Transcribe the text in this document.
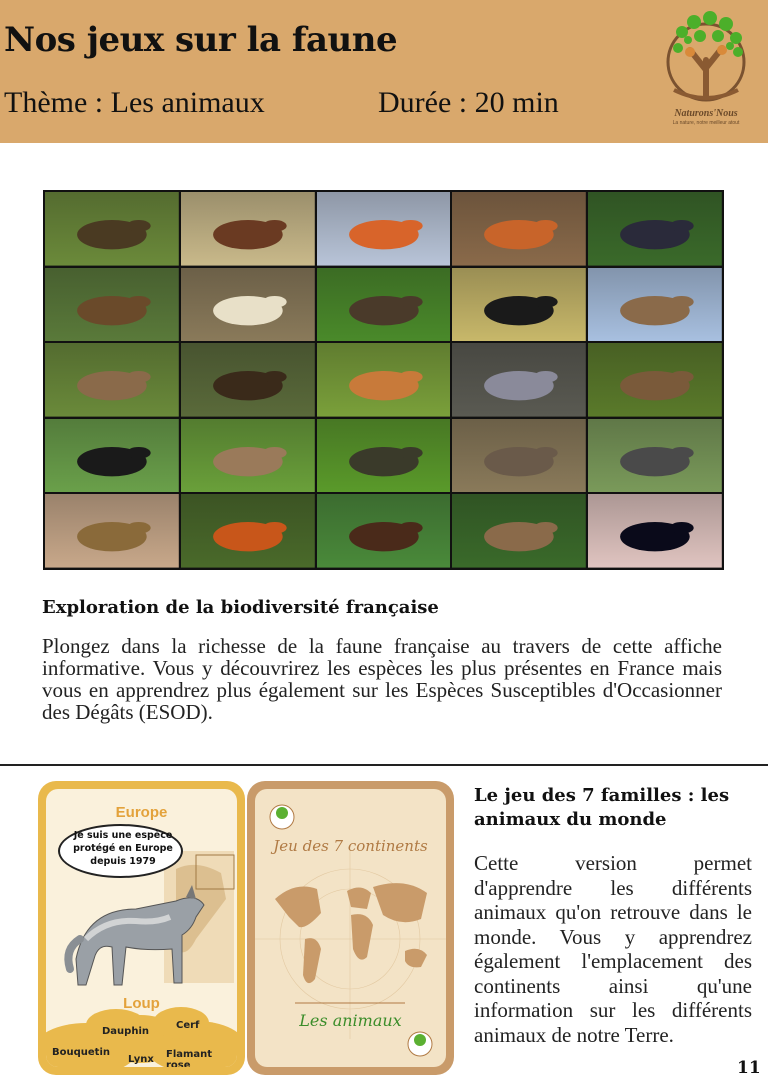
Nos jeux sur la faune
Thème : Les animaux	Durée : 20 min	Naturons'Nous
La nature, notre meilleur atout
Exploration de la biodiversité française
Plongez dans la richesse de la faune française au travers de cette affiche informative. Vous y découvrirez les espèces les plus présentes en France mais vous en apprendrez plus également sur les Espèces Susceptibles d'Occasionner des Dégâts (ESOD).
Europe
Je suis une espèce protégé en Europe depuis 1979
Loup
Dauphin
Cerf
Bouquetin
Lynx Flamant rose
Jeu des 7 continents
Les animaux
Le jeu des 7 familles : les animaux du monde
Cette version permet d'apprendre les différents animaux qu'on retrouve dans le monde. Vous y apprendrez également l'emplacement des continents ainsi qu'une information sur les différents animaux de notre Terre.
11
